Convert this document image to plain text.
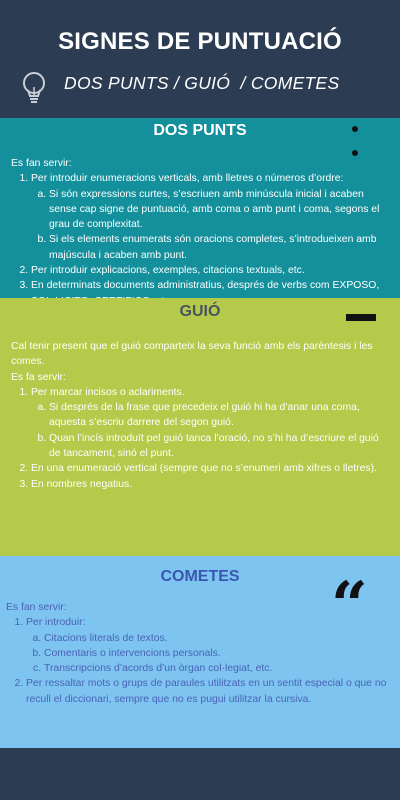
SIGNES DE PUNTUACIÓ
DOS PUNTS / GUIÓ  / COMETES
DOS PUNTS

Es fan servir:

1. Per introduir enumeracions verticals, amb lletres o números d’ordre:
a. Si són expressions curtes, s’escriuen amb minúscula inicial i acaben sense cap signe de puntuació, amb coma o amb punt i coma, segons el grau de complexitat.
b. Si els elements enumerats són oracions completes, s’introdueixen amb majúscula i acaben amb punt.
2. Per introduir explicacions, exemples, citacions textuals, etc.
3. En determinats documents administratius, després de verbs com EXPOSO,
GUIÓ

Cal tenir present que el guió comparteix la seva funció amb els parèntesis i les comes.

Es fa servir:

1. Per marcar incisos o aclariments.
a. Si després de la frase que precedeix el guió hi ha d’anar una coma, aquesta s’escriu darrere del segon guió.
b. Quan l’incís introduït pel guió tanca l’oració, no s’hi ha d’escriure el guió de tancament, sinó el punt.
2. En una enumeració vertical (sempre que no s’enumeri amb xifres o lletres).
3. En nombres negatius.
COMETES	“

Es fan servir:

1. Per introduir:
a. Citacions literals de textos.
b. Comentaris o intervencions personals.
c. Transcripcions d’acords d’un òrgan col·legiat, etc.
2. Per ressaltar mots o grups de paraules utilitzats en un sentit especial o que no recull el diccionari, sempre que no es pugui utilitzar la cursiva.
